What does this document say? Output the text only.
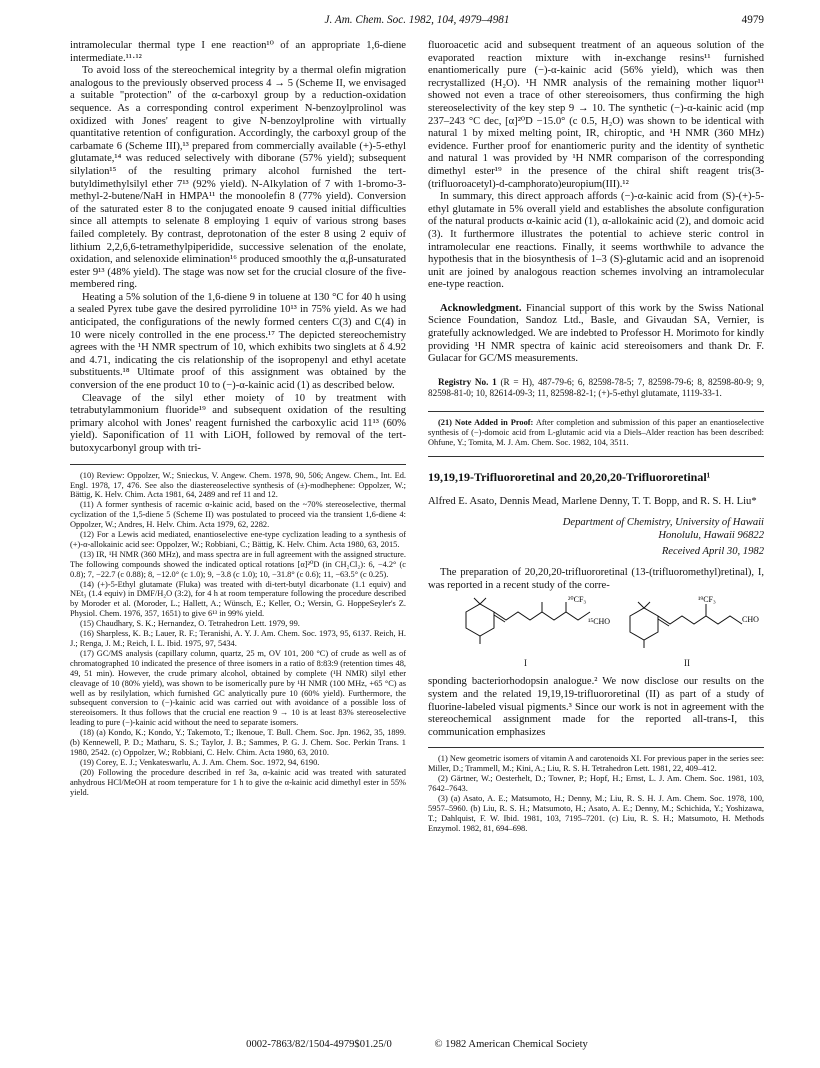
J. Am. Chem. Soc. 1982, 104, 4979–4981	4979

intramolecular thermal type I ene reaction¹⁰ of an appropriate 1,6-diene intermediate.¹¹·¹²

To avoid loss of the stereochemical integrity by a thermal olefin migration analogous to the previously observed process 4 → 5 (Scheme II, we envisaged a suitable "protection" of the α-carboxyl group by a reduction-oxidation sequence. As a corresponding control experiment N-benzoylprolinol was oxidized with Jones' reagent to give N-benzoylproline with virtually quantitative retention of configuration. Accordingly, the carboxyl group of the carbamate 6 (Scheme III),¹³ prepared from commercially available (+)-5-ethyl glutamate,¹⁴ was reduced selectively with diborane (57% yield); subsequent silylation¹⁵ of the resulting primary alcohol furnished the tert-butyldimethylsilyl ether 7¹³ (92% yield). N-Alkylation of 7 with 1-bromo-3-methyl-2-butene/NaH in HMPA¹¹ the monoolefin 8 (77% yield). Conversion of the saturated ester 8 to the conjugated enoate 9 caused initial difficulties since all attempts to selenate 8 employing 1 equiv of various strong bases failed completely. By contrast, deprotonation of the ester 8 using 2 equiv of lithium 2,2,6,6-tetramethylpiperidide, successive selenation of the enolate, oxidation, and selenoxide elimination¹⁶ produced smoothly the α,β-unsaturated ester 9¹³ (48% yield). The stage was now set for the crucial closure of the five-membered ring.

Heating a 5% solution of the 1,6-diene 9 in toluene at 130 °C for 40 h using a sealed Pyrex tube gave the desired pyrrolidine 10¹³ in 75% yield. As we had anticipated, the configurations of the newly formed centers C(3) and C(4) in 10 were nicely controlled in the ene process.¹⁷ The depicted stereochemistry agrees with the ¹H NMR spectrum of 10, which exhibits two singlets at δ 4.92 and 4.71, indicating the cis relationship of the isopropenyl and ethyl acetate substituents.¹⁸ Ultimate proof of this assignment was obtained by the conversion of the ene product 10 to (−)-α-kainic acid (1) as described below.

Cleavage of the silyl ether moiety of 10 by treatment with tetrabutylammonium fluoride¹⁹ and subsequent oxidation of the resulting primary alcohol with Jones' reagent furnished the carboxylic acid 11¹³ (60% yield). Saponification of 11 with LiOH, followed by removal of the tert-butoxycarbonyl group with tri-

(10) Review: Oppolzer, W.; Snieckus, V. Angew. Chem. 1978, 90, 506; Angew. Chem., Int. Ed. Engl. 1978, 17, 476. See also the diastereoselective synthesis of (±)-modhephene: Oppolzer, W.; Bättig, K. Helv. Chim. Acta 1981, 64, 2489 and ref 11 and 12.

(11) A former synthesis of racemic α-kainic acid, based on the ~70% stereoselective, thermal cyclization of the 1,5-diene 5 (Scheme II) was postulated to proceed via the transient 1,6-diene 4: Oppolzer, W.; Andres, H. Helv. Chim. Acta 1979, 62, 2282.

(12) For a Lewis acid mediated, enantioselective ene-type cyclization leading to a synthesis of (+)-α-allokainic acid see: Oppolzer, W.; Robbiani, C.; Bättig, K. Helv. Chim. Acta 1980, 63, 2015.

(13) IR, ¹H NMR (360 MHz), and mass spectra are in full agreement with the assigned structure. The following compounds showed the indicated optical rotations [α]²⁰D (in CH₂Cl₂): 6, −4.2° (c 0.8); 7, −22.7 (c 0.88); 8, −12.0° (c 1.0); 9, −3.8 (c 1.0); 10, −31.8° (c 0.6); 11, −63.5° (c 0.25).

(14) (+)-5-Ethyl glutamate (Fluka) was treated with di-tert-butyl dicarbonate (1.1 equiv) and NEt₃ (1.4 equiv) in DMF/H₂O (3:2), for 4 h at room temperature following the procedure described by Moroder et al. (Moroder, L.; Hallett, A.; Wünsch, E.; Keller, O.; Wersin, G. HoppeSeyler's Z. Physiol. Chem. 1976, 357, 1651) to give 6¹³ in 99% yield.

(15) Chaudhary, S. K.; Hernandez, O. Tetrahedron Lett. 1979, 99.

(16) Sharpless, K. B.; Lauer, R. F.; Teranishi, A. Y. J. Am. Chem. Soc. 1973, 95, 6137. Reich, H. J.; Renga, J. M.; Reich, I. L. Ibid. 1975, 97, 5434.

(17) GC/MS analysis (capillary column, quartz, 25 m, OV 101, 200 °C) of crude as well as of chromatographed 10 indicated the presence of three isomers in a ratio of 8:83:9 (retention times 48, 49, 51 min). However, the crude primary alcohol, obtained by complete (¹H NMR) silyl ether cleavage of 10 (80% yield), was shown to be isomerically pure by ¹H NMR (100 MHz, +65 °C) as well as by resilylation, which furnished GC analytically pure 10 (60% yield). Furthermore, the subsequent conversion to (−)-kainic acid was carried out with avoidance of a possible loss of stereoisomers. It thus follows that the crucial ene reaction 9 → 10 is at least 83% stereoselective leading to pure (−)-kainic acid without the need to separate isomers.

(18) (a) Kondo, K.; Kondo, Y.; Takemoto, T.; Ikenoue, T. Bull. Chem. Soc. Jpn. 1962, 35, 1899. (b) Kennewell, P. D.; Matharu, S. S.; Taylor, J. B.; Sammes, P. G. J. Chem. Soc. Perkin Trans. 1 1980, 2542. (c) Oppolzer, W.; Robbiani, C. Helv. Chim. Acta 1980, 63, 2010.

(19) Corey, E. J.; Venkateswarlu, A. J. Am. Chem. Soc. 1972, 94, 6190.

(20) Following the procedure described in ref 3a, α-kainic acid was treated with saturated anhydrous HCl/MeOH at room temperature for 1 h to give the α-kainic acid dimethyl ester in 55% yield.

fluoroacetic acid and subsequent treatment of an aqueous solution of the evaporated reaction mixture with in-exchange resins¹¹ furnished enantiomerically pure (−)-α-kainic acid (56% yield), which was then recrystallized (H₂O). ¹H NMR analysis of the remaining mother liquor¹¹ showed not even a trace of other stereoisomers, thus confirming the high stereoselectivity of the key step 9 → 10. The synthetic (−)-α-kainic acid (mp 237–243 °C dec, [α]²⁰D −15.0° (c 0.5, H₂O) was shown to be identical with natural 1 by mixed melting point, IR, chiroptic, and ¹H NMR (360 MHz) evidence. Further proof for enantiomeric purity and the identity of synthetic and natural 1 was provided by ¹H NMR comparison of the corresponding dimethyl ester¹⁹ in the presence of the chiral shift reagent tris(3-(trifluoroacetyl)-d-camphorato)europium(III).¹²

In summary, this direct approach affords (−)-α-kainic acid from (S)-(+)-5-ethyl glutamate in 5% overall yield and establishes the absolute configuration of the natural products α-kainic acid (1), α-allokainic acid (2), and domoic acid (3). It furthermore illustrates the potential to achieve steric control in intramolecular ene reactions. Finally, it seems worthwhile to advance the hypothesis that in the biosynthesis of 1–3 (S)-glutamic acid and an isoprenoid unit are joined by analogous reaction schemes involving an intramolecular ene-type reaction.

Acknowledgment. Financial support of this work by the Swiss National Science Foundation, Sandoz Ltd., Basle, and Givaudan SA, Vernier, is gratefully acknowledged. We are indebted to Professor H. Morimoto for kindly providing ¹H NMR spectra of kainic acid stereoisomers and thank Dr. F. Gulacar for GC/MS measurements.

Registry No. 1 (R = H), 487-79-6; 6, 82598-78-5; 7, 82598-79-6; 8, 82598-80-9; 9, 82598-81-0; 10, 82614-09-3; 11, 82598-82-1; (+)-5-ethyl glutamate, 1119-33-1.

(21) Note Added in Proof: After completion and submission of this paper an enantioselective synthesis of (−)-domoic acid from L-glutamic acid via a Diels–Alder reaction has been described: Ohfune, Y.; Tomita, M. J. Am. Chem. Soc. 1982, 104, 3511.

19,19,19-Trifluororetinal and 20,20,20-Trifluororetinal¹

Alfred E. Asato, Dennis Mead, Marlene Denny, T. T. Bopp, and R. S. H. Liu*

Department of Chemistry, University of Hawaii
Honolulu, Hawaii 96822
Received April 30, 1982

The preparation of 20,20,20-trifluororetinal (13-(trifluoromethyl)retinal), I, was reported in a recent study of the corre-

²⁰CF₃
¹⁵CHO
¹⁹CF₃
CHO
I	II

sponding bacteriorhodopsin analogue.² We now disclose our results on the system and the related 19,19,19-trifluororetinal (II) as part of a study of fluorine-labeled visual pigments.³ Since our work is not in agreement with the stereochemical assignment made for the reported all-trans-I, this communication emphasizes

(1) New geometric isomers of vitamin A and carotenoids XI. For previous paper in the series see: Miller, D.; Trammell, M.; Kini, A.; Liu, R. S. H. Tetrahedron Lett. 1981, 22, 409–412.

(2) Gärtner, W.; Oesterhelt, D.; Towner, P.; Hopf, H.; Ernst, L. J. Am. Chem. Soc. 1981, 103, 7642–7643.

(3) (a) Asato, A. E.; Matsumoto, H.; Denny, M.; Liu, R. S. H. J. Am. Chem. Soc. 1978, 100, 5957–5960. (b) Liu, R. S. H.; Matsumoto, H.; Asato, A. E.; Denny, M.; Schichida, Y.; Yoshizawa, T.; Dahlquist, F. W. Ibid. 1981, 103, 7195–7201. (c) Liu, R. S. H.; Matsumoto, H. Methods Enzymol. 1982, 81, 694–698.

0002-7863/82/1504-4979$01.25/0	© 1982 American Chemical Society
